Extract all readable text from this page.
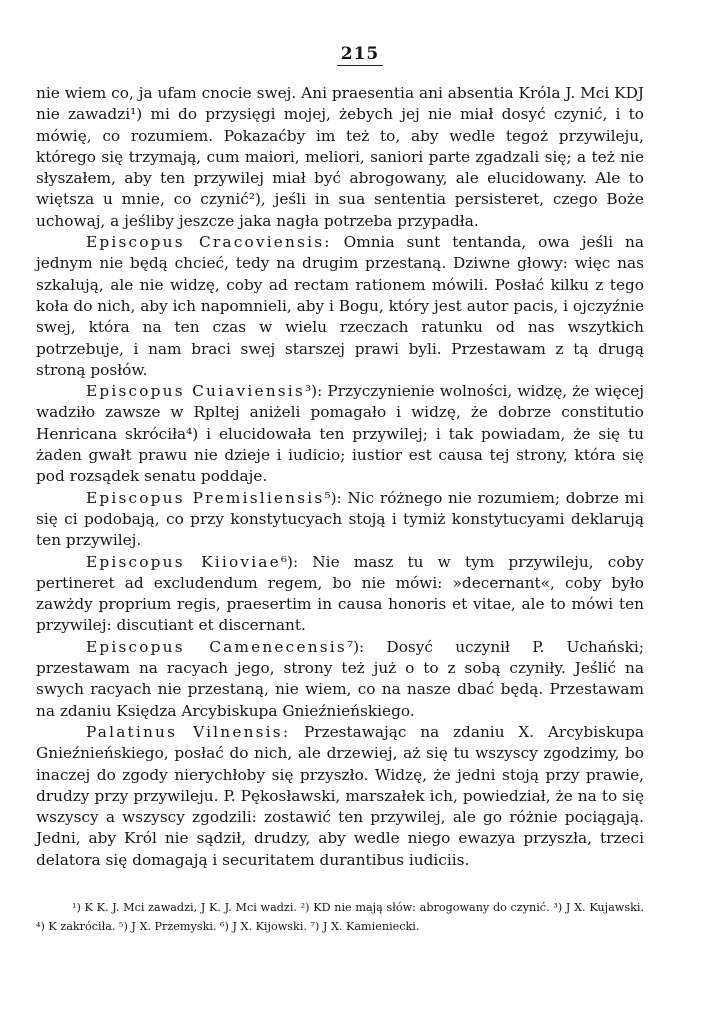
215

nie wiem co, ja ufam cnocie swej. Ani praesentia ani absentia Króla J. Mci KDJ nie zawadzi¹) mi do przysięgi mojej, żebych jej nie miał dosyć czynić, i to mówię, co rozumiem. Pokazaćby im też to, aby wedle tegoż przywileju, którego się trzymają, cum maiori, meliori, saniori parte zgadzali się; a też nie słyszałem, aby ten przywilej miał być abrogowany, ale elucidowany. Ale to więtsza u mnie, co czynić²), jeśli in sua sententia persisteret, czego Boże uchowaj, a jeśliby jeszcze jaka nagła potrzeba przypadła.

Episcopus Cracoviensis: Omnia sunt tentanda, owa jeśli na jednym nie będą chcieć, tedy na drugim przestaną. Dziwne głowy: więc nas szkalują, ale nie widzę, coby ad rectam rationem mówili. Posłać kilku z tego koła do nich, aby ich napomnieli, aby i Bogu, który jest autor pacis, i ojczyźnie swej, która na ten czas w wielu rzeczach ratunku od nas wszytkich potrzebuje, i nam braci swej starszej prawi byli. Przestawam z tą drugą stroną posłów.

Episcopus Cuiaviensis³): Przyczynienie wolności, widzę, że więcej wadziło zawsze w Rpltej aniżeli pomagało i widzę, że dobrze constitutio Henricana skróciła⁴) i elucidowała ten przywilej; i tak powiadam, że się tu żaden gwałt prawu nie dzieje i iudicio; iustior est causa tej strony, która się pod rozsądek senatu poddaje.

Episcopus Premisliensis⁵): Nic różnego nie rozumiem; dobrze mi się ci podobają, co przy konstytucyach stoją i tymiż konstytucyami deklarują ten przywilej.

Episcopus Kiioviae⁶): Nie masz tu w tym przywileju, coby pertineret ad excludendum regem, bo nie mówi: »decernant«, coby było zawżdy proprium regis, praesertim in causa honoris et vitae, ale to mówi ten przywilej: discutiant et discernant.

Episcopus Camenecensis⁷): Dosyć uczynił P. Uchański; przestawam na racyach jego, strony też już o to z sobą czyniły. Jeślić na swych racyach nie przestaną, nie wiem, co na nasze dbać będą. Przestawam na zdaniu Księdza Arcybiskupa Gnieźnieńskiego.

Palatinus Vilnensis: Przestawając na zdaniu X. Arcybiskupa Gnieźnieńskiego, posłać do nich, ale drzewiej, aż się tu wszyscy zgodzimy, bo inaczej do zgody nierychłoby się przyszło. Widzę, że jedni stoją przy prawie, drudzy przy przywileju. P. Pękosławski, marszałek ich, powiedział, że na to się wszyscy a wszyscy zgodzili: zostawić ten przywilej, ale go różnie pociągają. Jedni, aby Król nie sądził, drudzy, aby wedle niego ewazya przyszła, trzeci delatora się domagają i securitatem durantibus iudiciis.

¹) K K. J. Mci zawadzi, J K. J. Mci wadzi. ²) KD nie mają słów: abrogowany do czynić. ³) J X. Kujawski. ⁴) K zakróciła. ⁵) J X. Przemyski. ⁶) J X. Kijowski. ⁷) J X. Kamieniecki.
